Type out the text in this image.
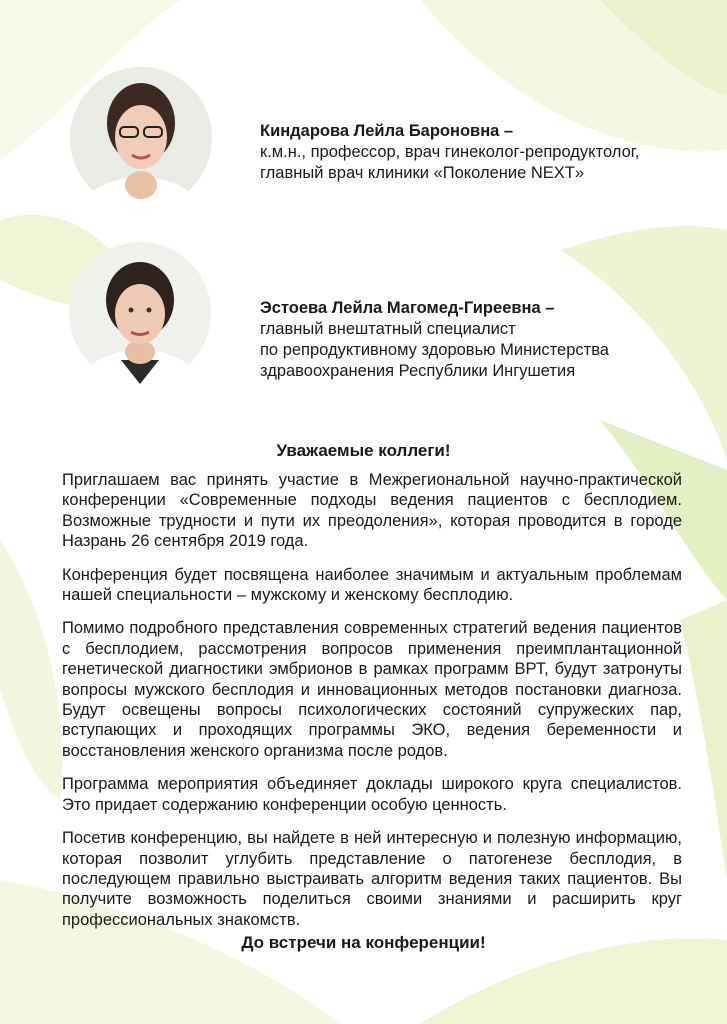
Киндарова Лейла Бароновна –
к.м.н., профессор, врач гинеколог-репродуктолог,
главный врач клиники «Поколение NEXT»
Эстоева Лейла Магомед-Гиреевна –
главный внештатный специалист
по репродуктивному здоровью Министерства
здравоохранения Республики Ингушетия
Уважаемые коллеги!

Приглашаем вас принять участие в Межрегиональной научно-практической конференции «Современные подходы ведения пациентов с бесплодием. Возможные трудности и пути их преодоления», которая проводится в городе Назрань 26 сентября 2019 года.

Конференция будет посвящена наиболее значимым и актуальным проблемам нашей специальности – мужскому и женскому бесплодию.

Помимо подробного представления современных стратегий ведения пациентов с бесплодием, рассмотрения вопросов применения преимплантационной генетической диагностики эмбрионов в рамках программ ВРТ, будут затронуты вопросы мужского бесплодия и инновационных методов постановки диагноза. Будут освещены вопросы психологических состояний супружеских пар, вступающих и проходящих программы ЭКО, ведения беременности и восстановления женского организма после родов.

Программа мероприятия объединяет доклады широкого круга специалистов. Это придает содержанию конференции особую ценность.

Посетив конференцию, вы найдете в ней интересную и полезную информацию, которая позволит углубить представление о патогенезе бесплодия, в последующем правильно выстраивать алгоритм ведения таких пациентов. Вы получите возможность поделиться своими знаниями и расширить круг профессиональных знакомств.

До встречи на конференции!
